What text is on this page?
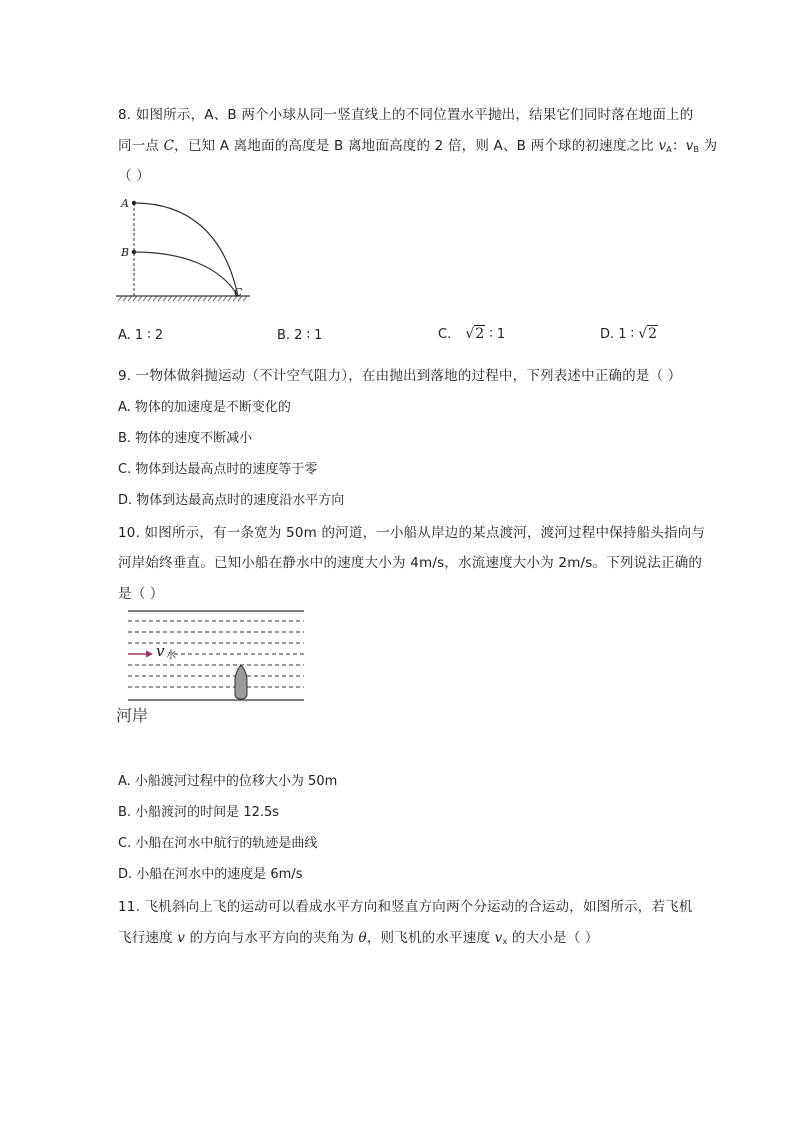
8. 如图所示，A、B 两个小球从同一竖直线上的不同位置水平抛出，结果它们同时落在地面上的
同一点 C，已知 A 离地面的高度是 B 离地面高度的 2 倍，则 A、B 两个球的初速度之比 $v_A$：$v_B$ 为
（ ）
A
B
C
A. 1 ∶ 2	B. 2 ∶ 1	C. √2 ∶ 1	D. 1 ∶ √2
9. 一物体做斜抛运动（不计空气阻力），在由抛出到落地的过程中，下列表述中正确的是（ ）
A. 物体的加速度是不断变化的
B. 物体的速度不断减小
C. 物体到达最高点时的速度等于零
D. 物体到达最高点时的速度沿水平方向
10. 如图所示，有一条宽为 50m 的河道，一小船从岸边的某点渡河，渡河过程中保持船头指向与
河岸始终垂直。已知小船在静水中的速度大小为 4m/s，水流速度大小为 2m/s。下列说法正确的
是（ ）
v 水
河岸
A. 小船渡河过程中的位移大小为 50m
B. 小船渡河的时间是 12.5s
C. 小船在河水中航行的轨迹是曲线
D. 小船在河水中的速度是 6m/s
11. 飞机斜向上飞的运动可以看成水平方向和竖直方向两个分运动的合运动，如图所示，若飞机
飞行速度 v 的方向与水平方向的夹角为 θ，则飞机的水平速度 $v_x$ 的大小是（ ）
